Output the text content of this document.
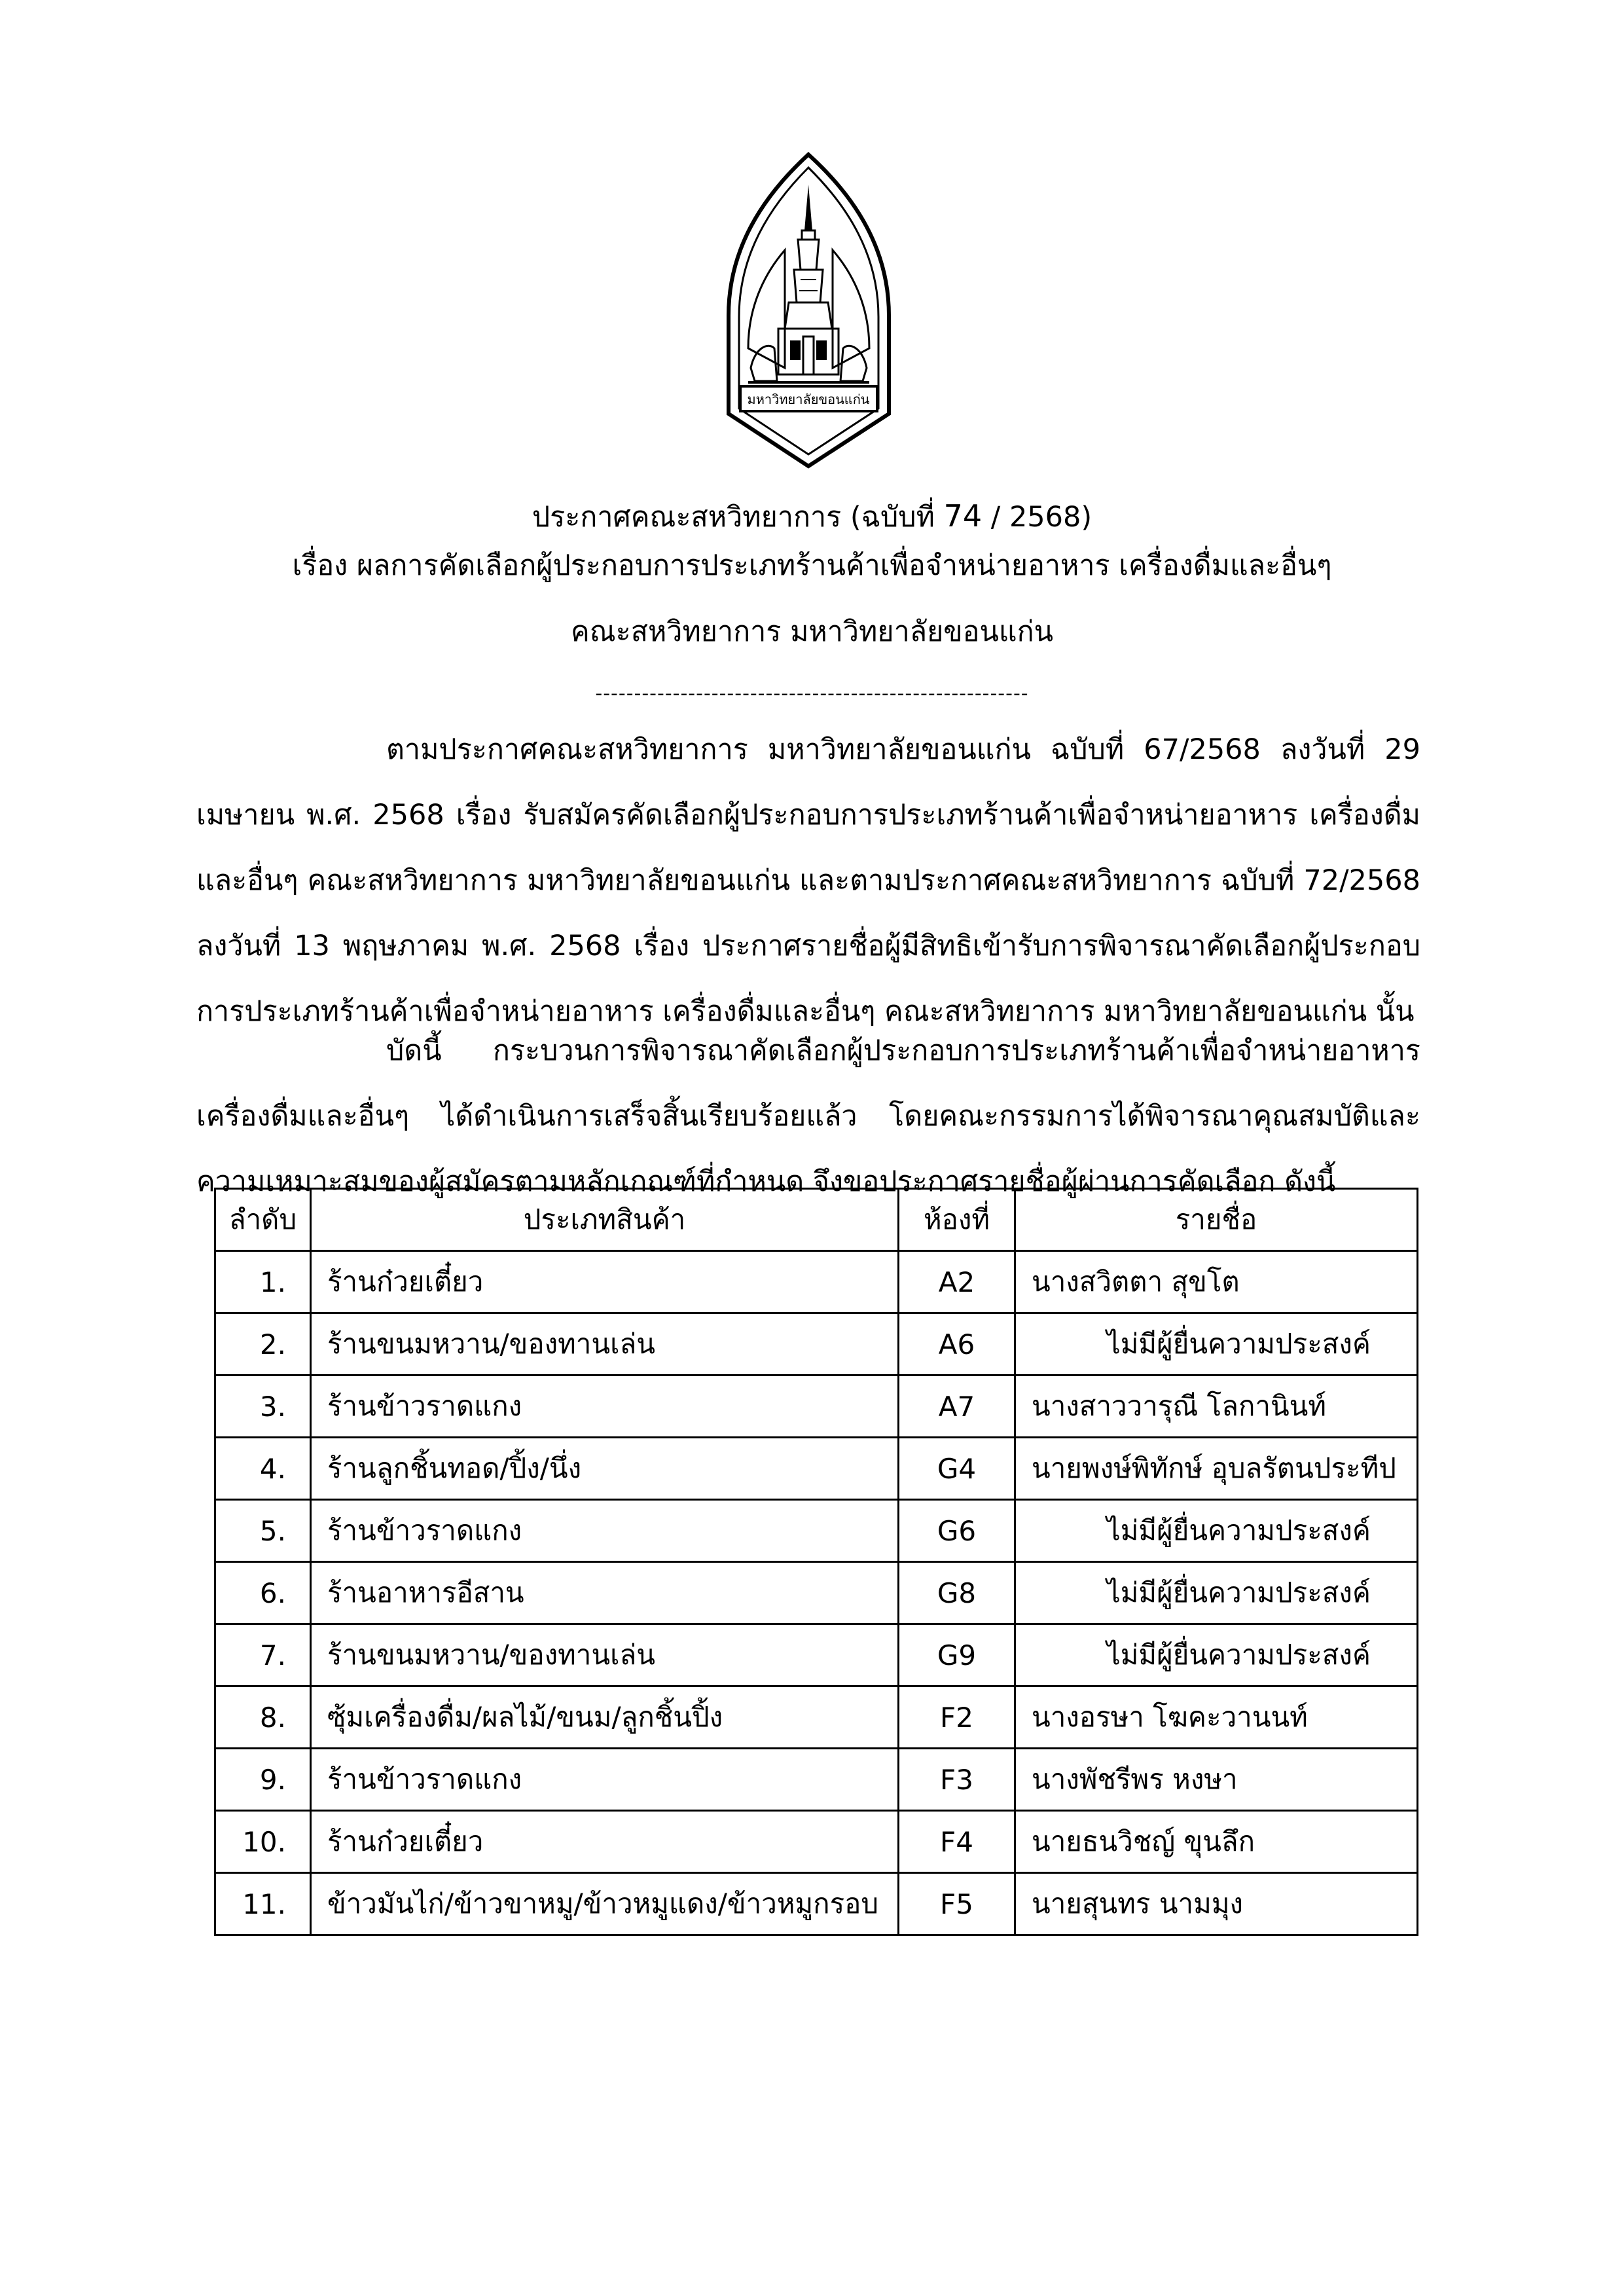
มหาวิทยาลัยขอนแก่น
ประกาศคณะสหวิทยาการ (ฉบับที่ 74 / 2568)
เรื่อง ผลการคัดเลือกผู้ประกอบการประเภทร้านค้าเพื่อจำหน่ายอาหาร เครื่องดื่มและอื่นๆ
คณะสหวิทยาการ มหาวิทยาลัยขอนแก่น
--------------------------------------------------------
ตามประกาศคณะสหวิทยาการ มหาวิทยาลัยขอนแก่น ฉบับที่ 67/2568 ลงวันที่ 29 เมษายน พ.ศ. 2568 เรื่อง รับสมัครคัดเลือกผู้ประกอบการประเภทร้านค้าเพื่อจำหน่ายอาหาร เครื่องดื่มและอื่นๆ คณะสหวิทยาการ มหาวิทยาลัยขอนแก่น และตามประกาศคณะสหวิทยาการ ฉบับที่ 72/2568 ลงวันที่ 13 พฤษภาคม พ.ศ. 2568 เรื่อง ประกาศรายชื่อผู้มีสิทธิเข้ารับการพิจารณาคัดเลือกผู้ประกอบการประเภทร้านค้าเพื่อจำหน่ายอาหาร เครื่องดื่มและอื่นๆ คณะสหวิทยาการ มหาวิทยาลัยขอนแก่น นั้น
บัดนี้ กระบวนการพิจารณาคัดเลือกผู้ประกอบการประเภทร้านค้าเพื่อจำหน่ายอาหาร เครื่องดื่มและอื่นๆ ได้ดำเนินการเสร็จสิ้นเรียบร้อยแล้ว โดยคณะกรรมการได้พิจารณาคุณสมบัติและความเหมาะสมของผู้สมัครตามหลักเกณฑ์ที่กำหนด จึงขอประกาศรายชื่อผู้ผ่านการคัดเลือก ดังนี้
ลำดับ	ประเภทสินค้า	ห้องที่	รายชื่อ
1.	ร้านก๋วยเตี๋ยว	A2	นางสวิตตา สุขโต
2.	ร้านขนมหวาน/ของทานเล่น	A6	ไม่มีผู้ยื่นความประสงค์
3.	ร้านข้าวราดแกง	A7	นางสาววารุณี โลกานินท์
4.	ร้านลูกชิ้นทอด/ปิ้ง/นึ่ง	G4	นายพงษ์พิทักษ์ อุบลรัตนประทีป
5.	ร้านข้าวราดแกง	G6	ไม่มีผู้ยื่นความประสงค์
6.	ร้านอาหารอีสาน	G8	ไม่มีผู้ยื่นความประสงค์
7.	ร้านขนมหวาน/ของทานเล่น	G9	ไม่มีผู้ยื่นความประสงค์
8.	ซุ้มเครื่องดื่ม/ผลไม้/ขนม/ลูกชิ้นปิ้ง	F2	นางอรษา โฆคะวานนท์
9.	ร้านข้าวราดแกง	F3	นางพัชรีพร หงษา
10.	ร้านก๋วยเตี๋ยว	F4	นายธนวิชญ์ ขุนลึก
11.	ข้าวมันไก่/ข้าวขาหมู/ข้าวหมูแดง/ข้าวหมูกรอบ	F5	นายสุนทร นามมุง
